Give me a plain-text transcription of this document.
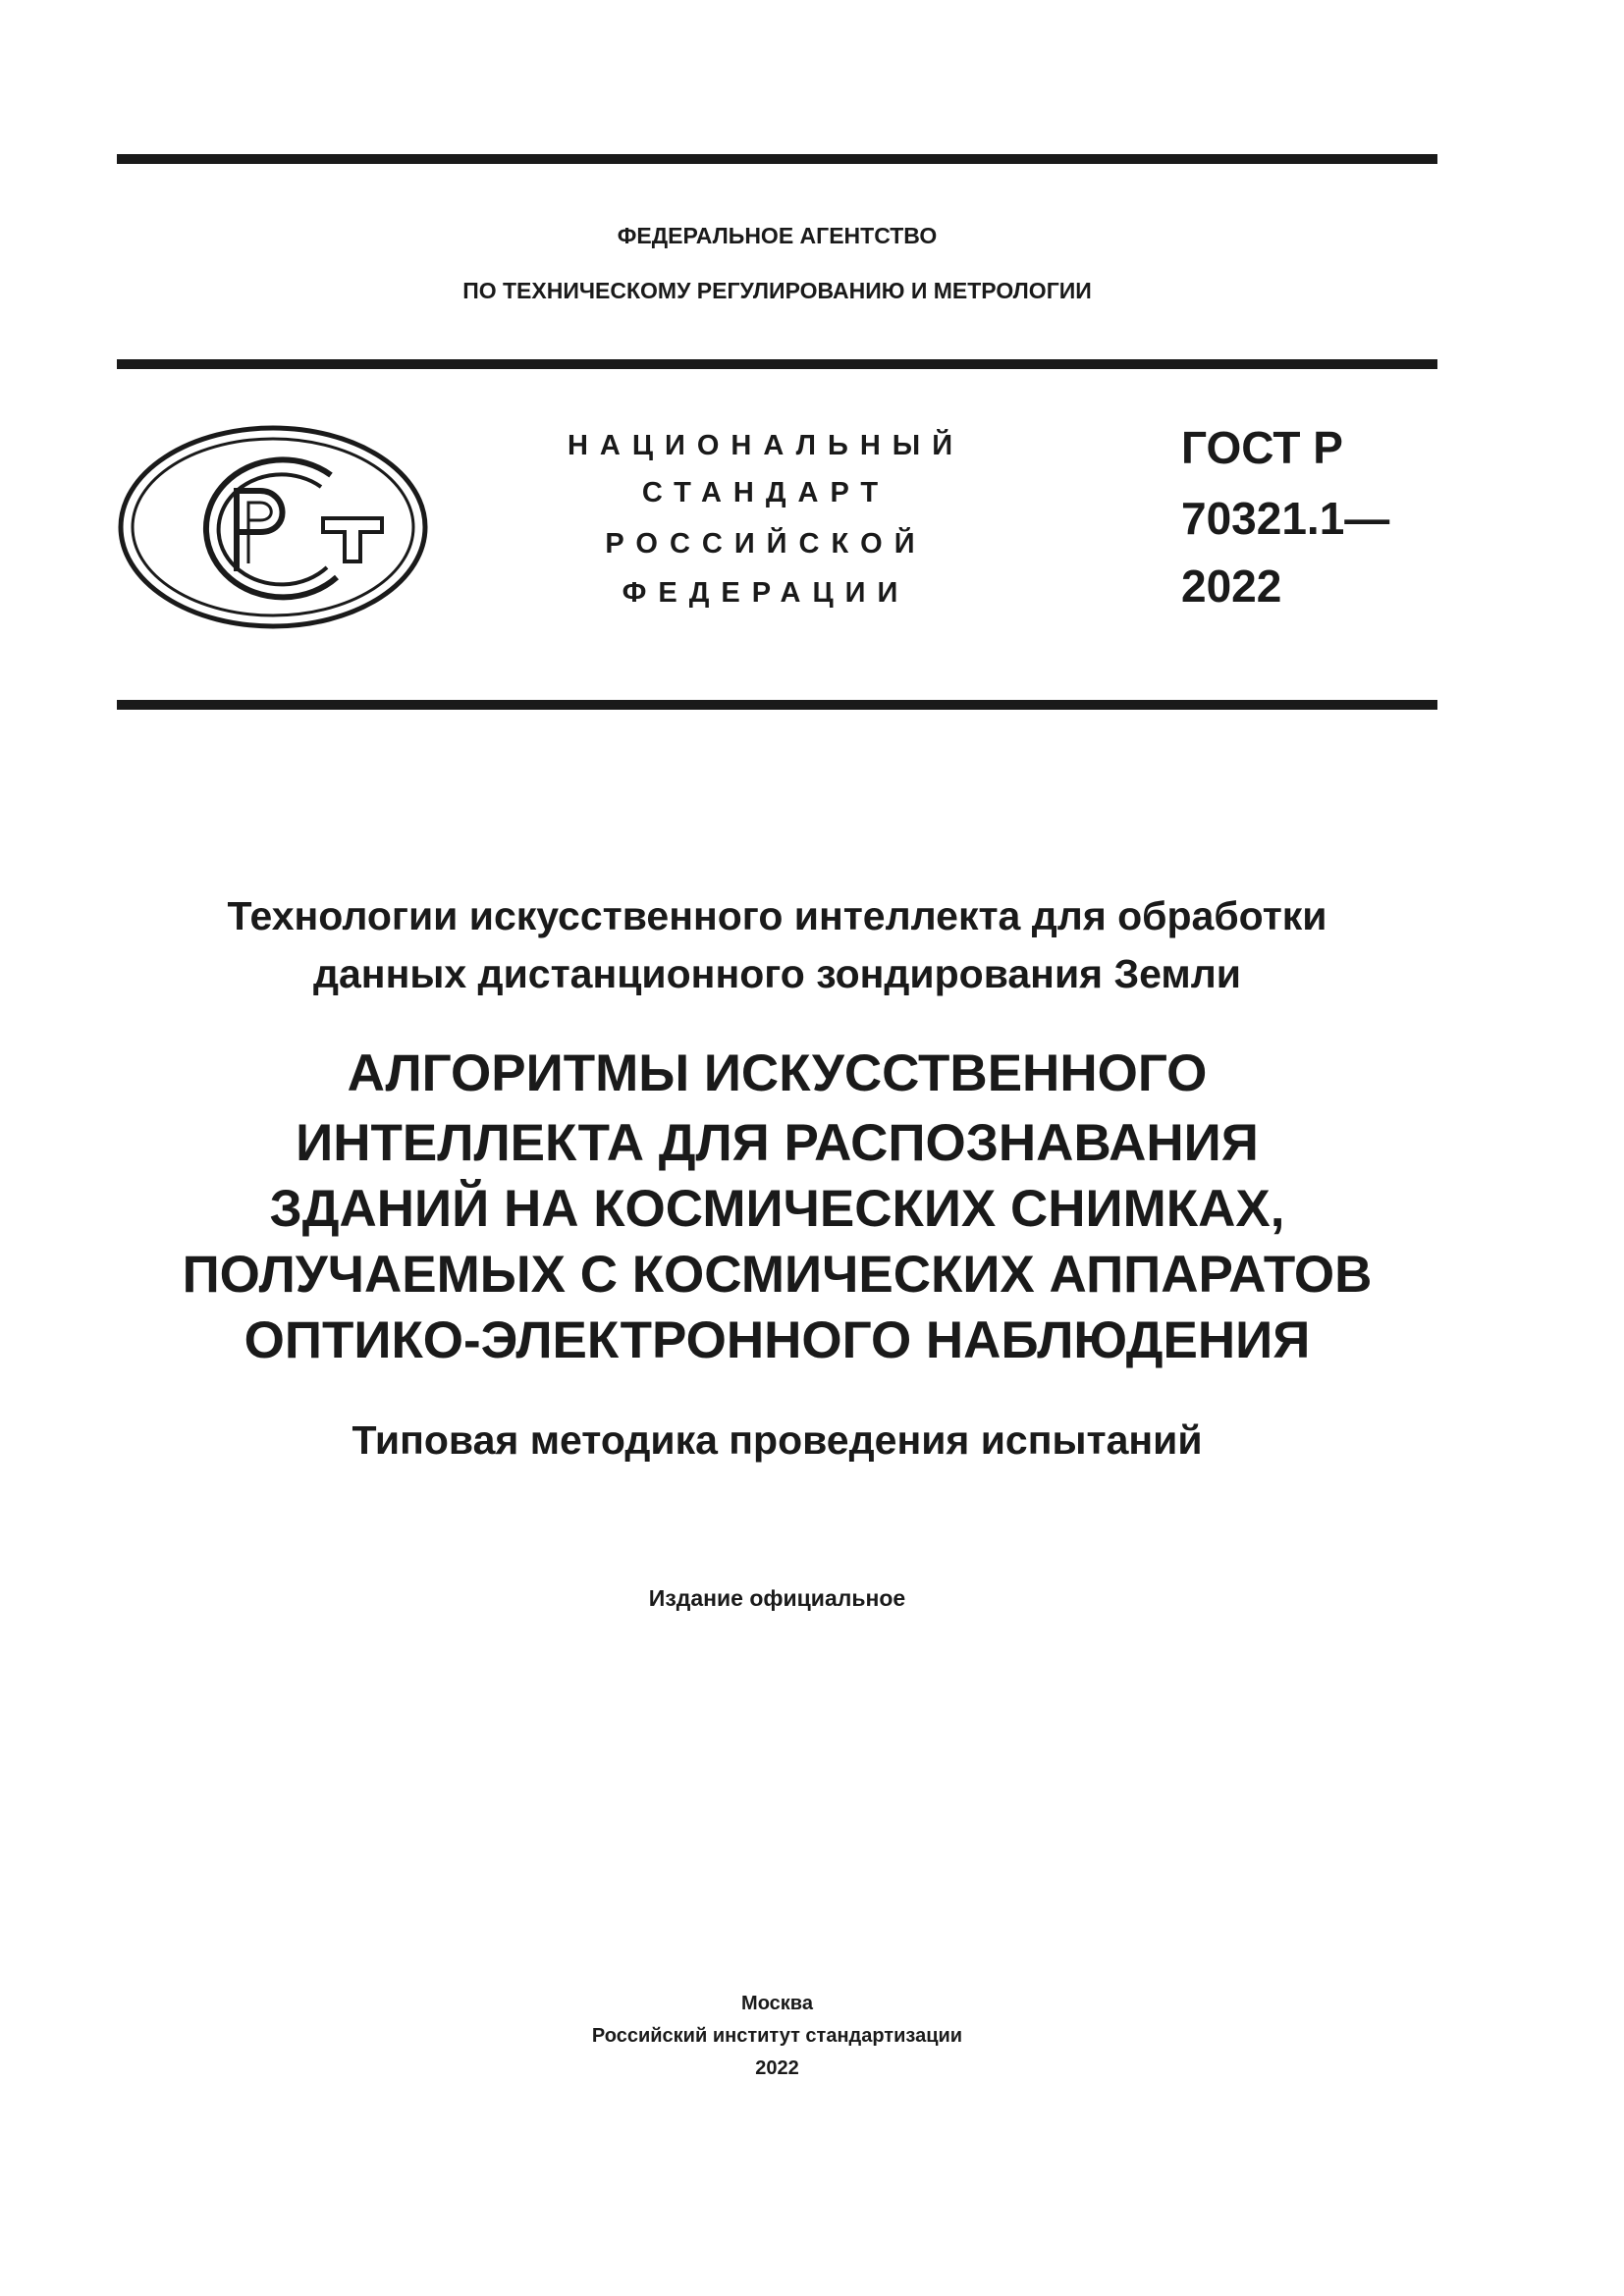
ФЕДЕРАЛЬНОЕ АГЕНТСТВО
ПО ТЕХНИЧЕСКОМУ РЕГУЛИРОВАНИЮ И МЕТРОЛОГИИ
НАЦИОНАЛЬНЫЙ
СТАНДАРТ
РОССИЙСКОЙ
ФЕДЕРАЦИИ
ГОСТ Р
70321.1—
2022
Технологии искусственного интеллекта для обработки
данных дистанционного зондирования Земли
АЛГОРИТМЫ ИСКУССТВЕННОГО
ИНТЕЛЛЕКТА ДЛЯ РАСПОЗНАВАНИЯ
ЗДАНИЙ НА КОСМИЧЕСКИХ СНИМКАХ,
ПОЛУЧАЕМЫХ С КОСМИЧЕСКИХ АППАРАТОВ
ОПТИКО-ЭЛЕКТРОННОГО НАБЛЮДЕНИЯ
Типовая методика проведения испытаний
Издание официальное
Москва
Российский институт стандартизации
2022
